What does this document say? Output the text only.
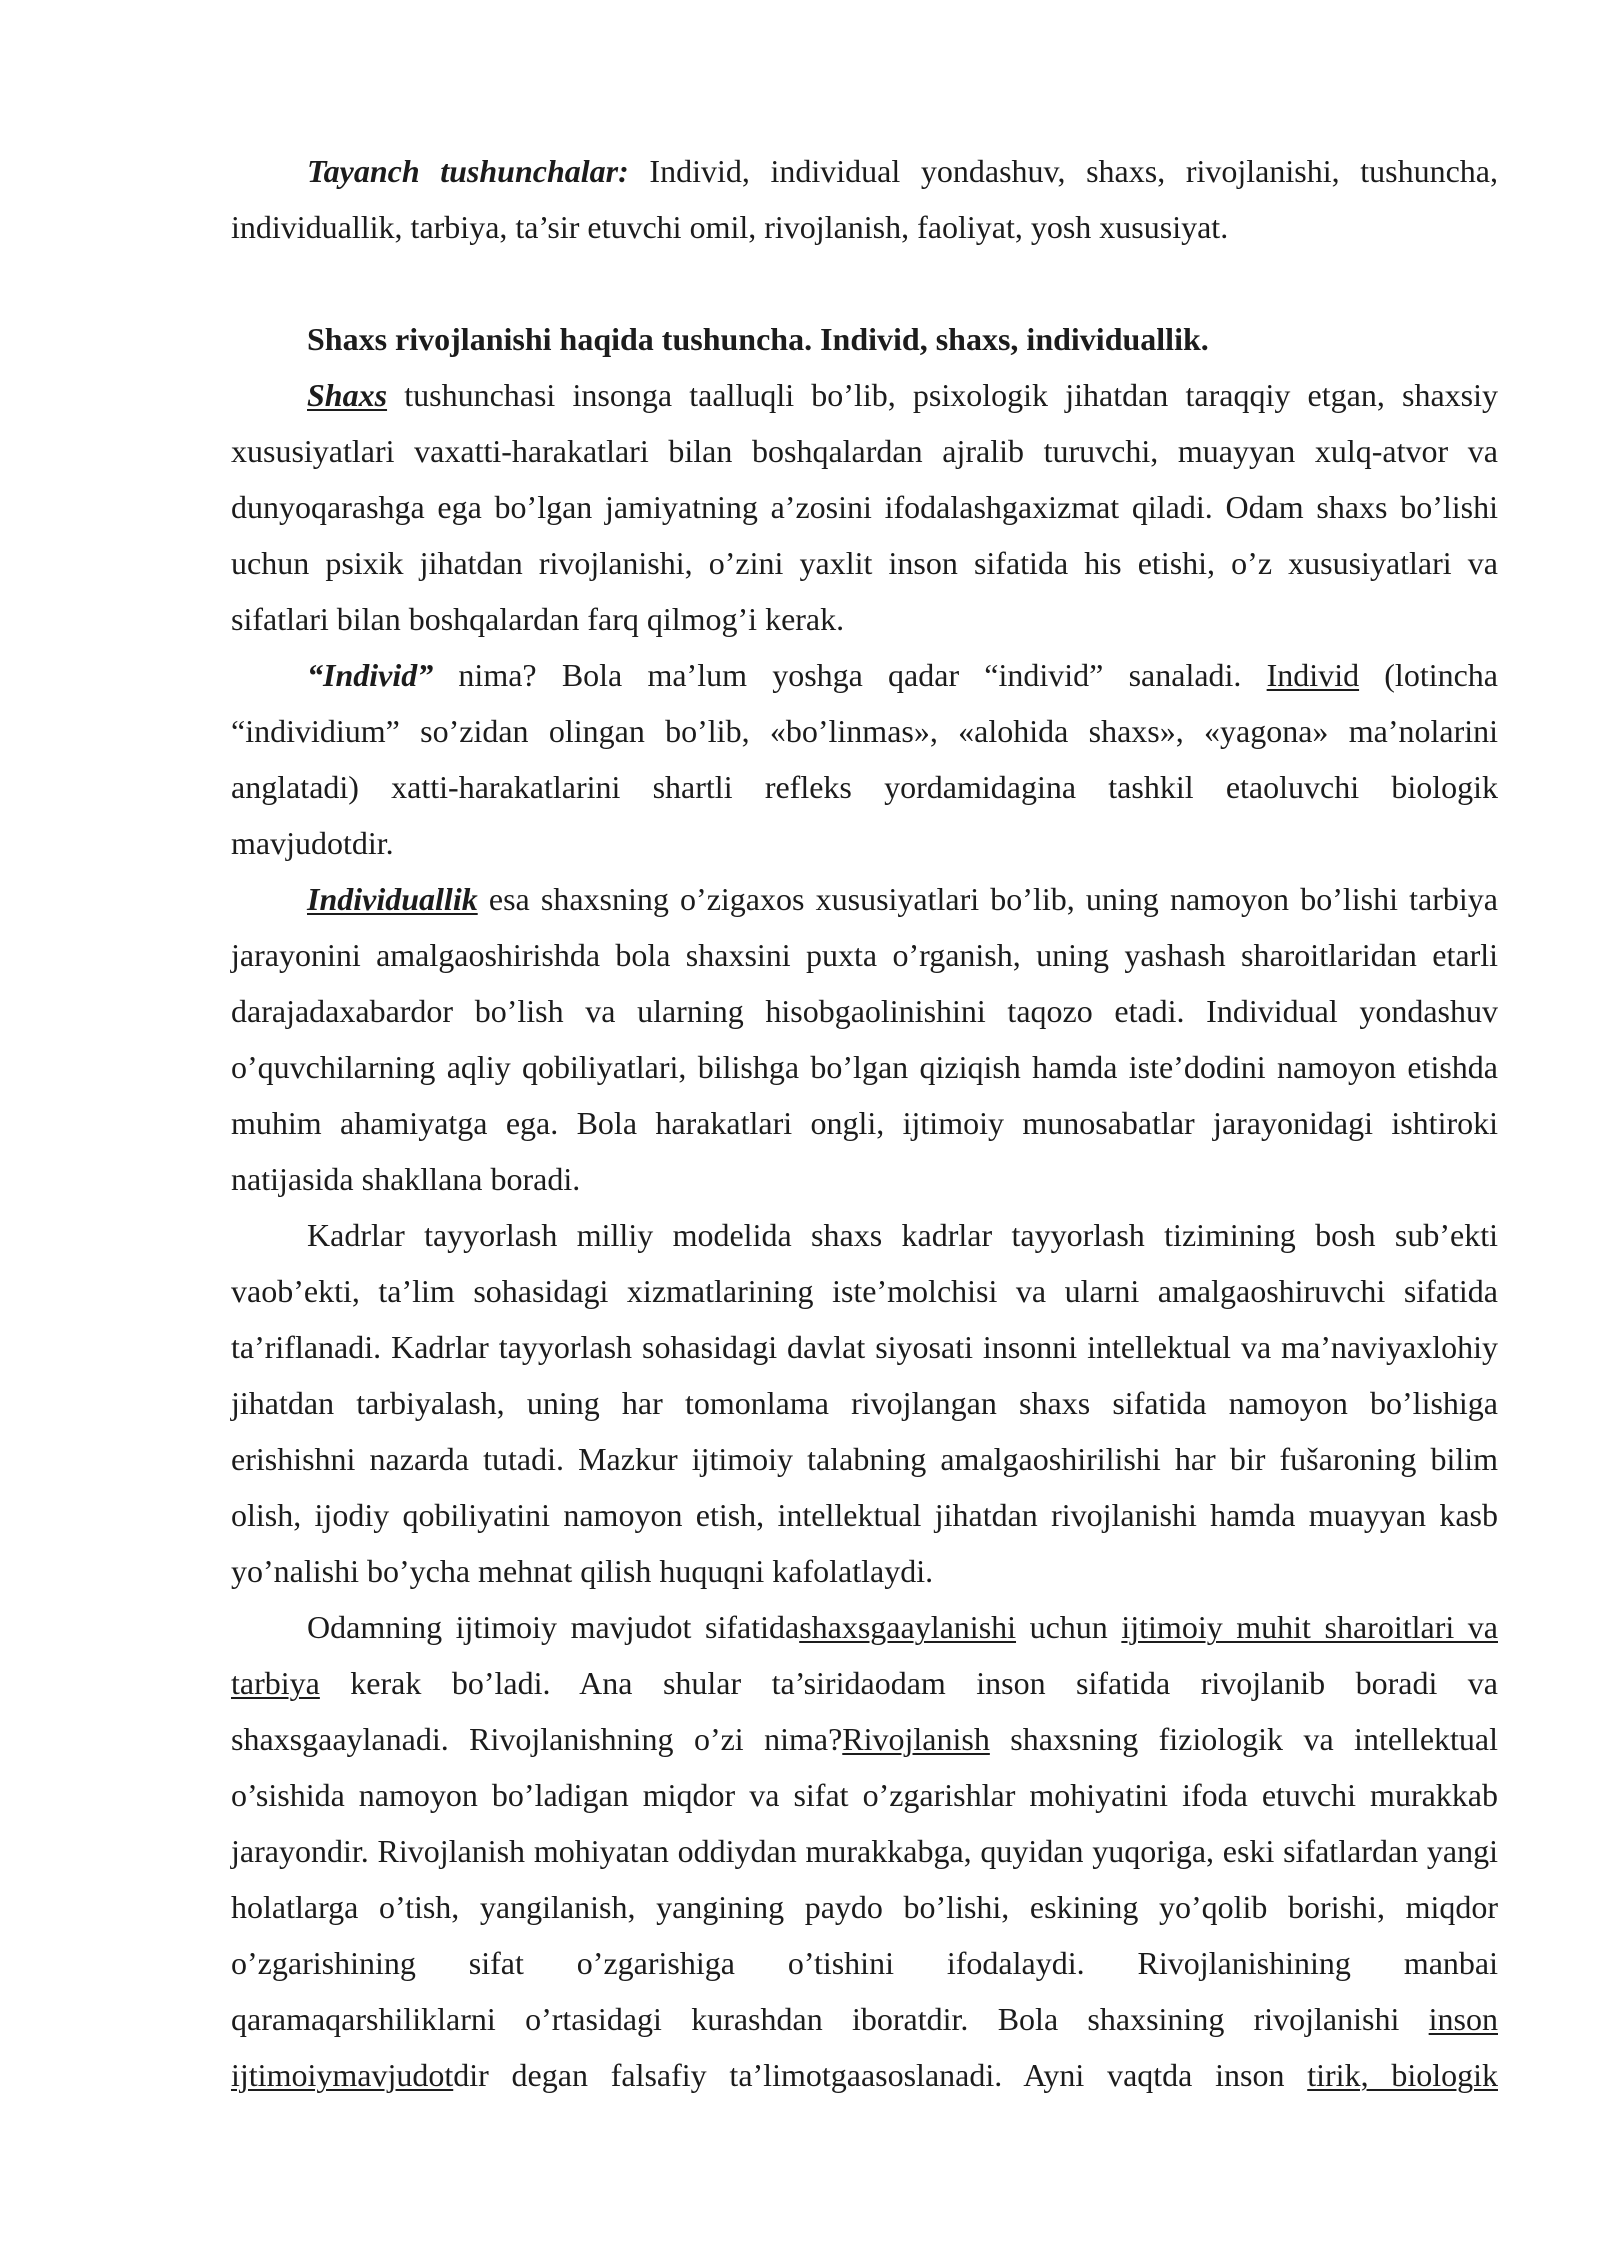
Tayanch tushunchalar: Individ, individual yondashuv, shaxs, rivojlanishi, tushuncha,
individuallik, tarbiya, ta’sir etuvchi omil, rivojlanish, faoliyat, yosh xususiyat.
Shaxs rivojlanishi haqida tushuncha. Individ, shaxs, individuallik.
Shaxs tushunchasi insonga taalluqli bo’lib, psixologik jihatdan taraqqiy etgan, shaxsiy
xususiyatlari vaxatti-harakatlari bilan boshqalardan ajralib turuvchi, muayyan xulq-atvor va
dunyoqarashga ega bo’lgan jamiyatning a’zosini ifodalashgaxizmat qiladi. Odam shaxs bo’lishi
uchun psixik jihatdan rivojlanishi, o’zini yaxlit inson sifatida his etishi, o’z xususiyatlari va
sifatlari bilan boshqalardan farq qilmog’i kerak.
“Individ” nima? Bola ma’lum yoshga qadar “individ” sanaladi. Individ (lotincha
“individium” so’zidan olingan bo’lib, «bo’linmas», «alohida shaxs», «yagona» ma’nolarini
anglatadi) xatti-harakatlarini shartli refleks yordamidagina tashkil etaoluvchi biologik
mavjudotdir.
Individuallik esa shaxsning o’zigaxos xususiyatlari bo’lib, uning namoyon bo’lishi tarbiya
jarayonini amalgaoshirishda bola shaxsini puxta o’rganish, uning yashash sharoitlaridan etarli
darajadaxabardor bo’lish va ularning hisobgaolinishini taqozo etadi. Individual yondashuv
o’quvchilarning aqliy qobiliyatlari, bilishga bo’lgan qiziqish hamda iste’dodini namoyon etishda
muhim ahamiyatga ega. Bola harakatlari ongli, ijtimoiy munosabatlar jarayonidagi ishtiroki
natijasida shakllana boradi.
Kadrlar tayyorlash milliy modelida shaxs kadrlar tayyorlash tizimining bosh sub’ekti
vaob’ekti, ta’lim sohasidagi xizmatlarining iste’molchisi va ularni amalgaoshiruvchi sifatida
ta’riflanadi. Kadrlar tayyorlash sohasidagi davlat siyosati insonni intellektual va ma’naviyaxlohiy
jihatdan tarbiyalash, uning har tomonlama rivojlangan shaxs sifatida namoyon bo’lishiga
erishishni nazarda tutadi. Mazkur ijtimoiy talabning amalgaoshirilishi har bir fušaroning bilim
olish, ijodiy qobiliyatini namoyon etish, intellektual jihatdan rivojlanishi hamda muayyan kasb
yo’nalishi bo’ycha mehnat qilish huquqni kafolatlaydi.
Odamning ijtimoiy mavjudot sifatidashaxsgaaylanishi uchun ijtimoiy muhit sharoitlari va
tarbiya kerak bo’ladi. Ana shular ta’siridaodam inson sifatida rivojlanib boradi va
shaxsgaaylanadi. Rivojlanishning o’zi nima?Rivojlanish shaxsning fiziologik va intellektual
o’sishida namoyon bo’ladigan miqdor va sifat o’zgarishlar mohiyatini ifoda etuvchi murakkab
jarayondir. Rivojlanish mohiyatan oddiydan murakkabga, quyidan yuqoriga, eski sifatlardan yangi
holatlarga o’tish, yangilanish, yangining paydo bo’lishi, eskining yo’qolib borishi, miqdor
o’zgarishining sifat o’zgarishiga o’tishini ifodalaydi. Rivojlanishining manbai
qaramaqarshiliklarni o’rtasidagi kurashdan iboratdir. Bola shaxsining rivojlanishi inson
ijtimoiymavjudotdir degan falsafiy ta’limotgaasoslanadi. Ayni vaqtda inson tirik, biologik
